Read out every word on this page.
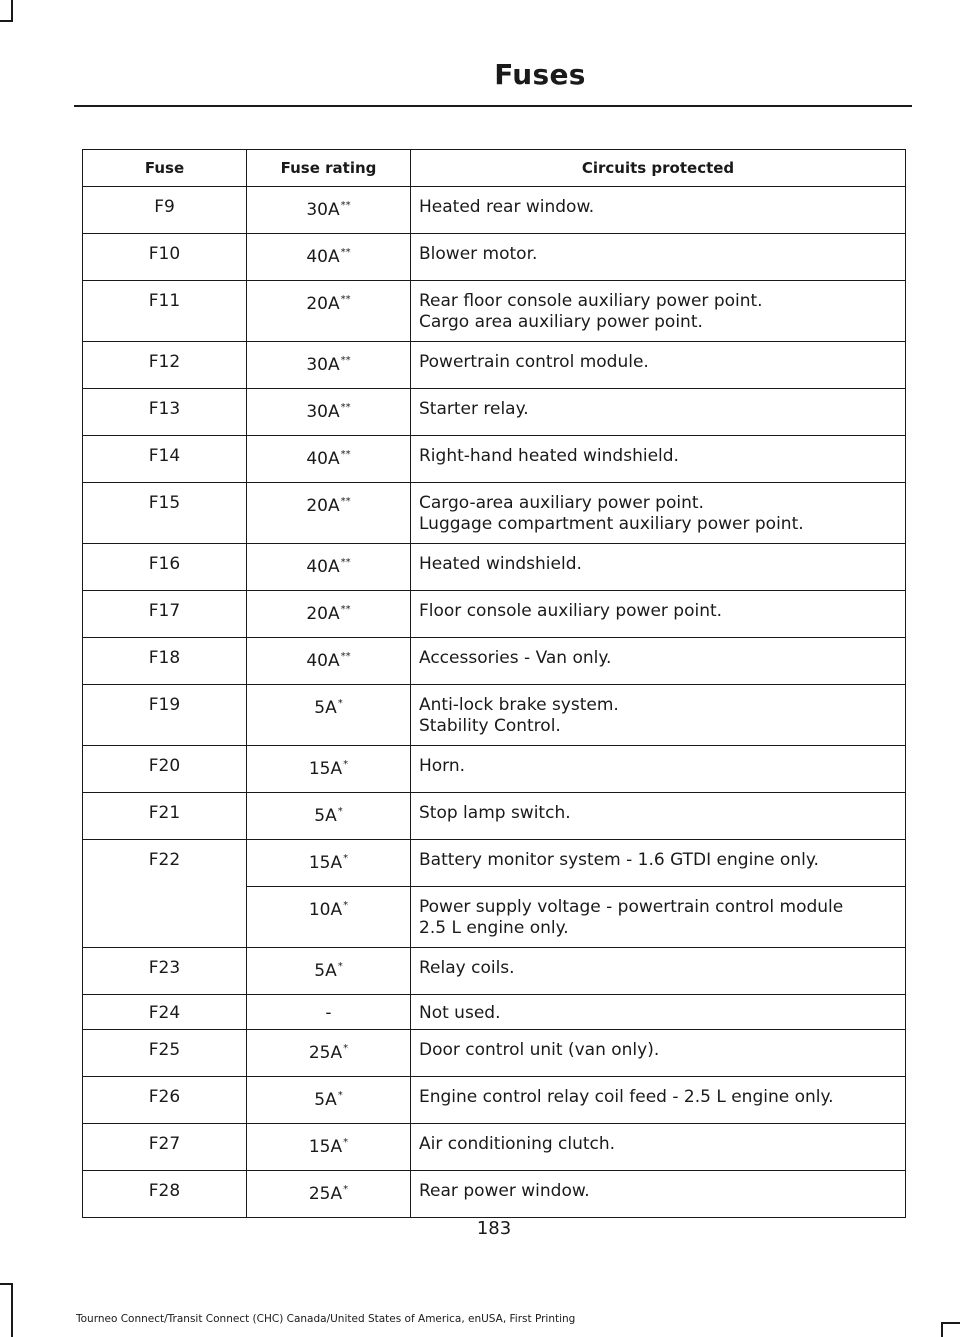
Fuses
Fuse	Fuse rating	Circuits protected
F9	30A**	Heated rear window.

F10	40A**	Blower motor.

F11	20A**	Rear floor console auxiliary power point.
Cargo area auxiliary power point.

F12	30A**	Powertrain control module.

F13	30A**	Starter relay.

F14	40A**	Right-hand heated windshield.

F15	20A**	Cargo-area auxiliary power point.
Luggage compartment auxiliary power point.

F16	40A**	Heated windshield.

F17	20A**	Floor console auxiliary power point.

F18	40A**	Accessories - Van only.

F19	5A*	Anti-lock brake system.
Stability Control.

F20	15A*	Horn.

F21	5A*	Stop lamp switch.

F22	15A*	Battery monitor system - 1.6 GTDI engine only.

	10A*	Power supply voltage - powertrain control module
2.5 L engine only.

F23	5A*	Relay coils.

F24	-	Not used.

F25	25A*	Door control unit (van only).

F26	5A*	Engine control relay coil feed - 2.5 L engine only.

F27	15A*	Air conditioning clutch.

F28	25A*	Rear power window.
183
Tourneo Connect/Transit Connect (CHC) Canada/United States of America, enUSA, First Printing
